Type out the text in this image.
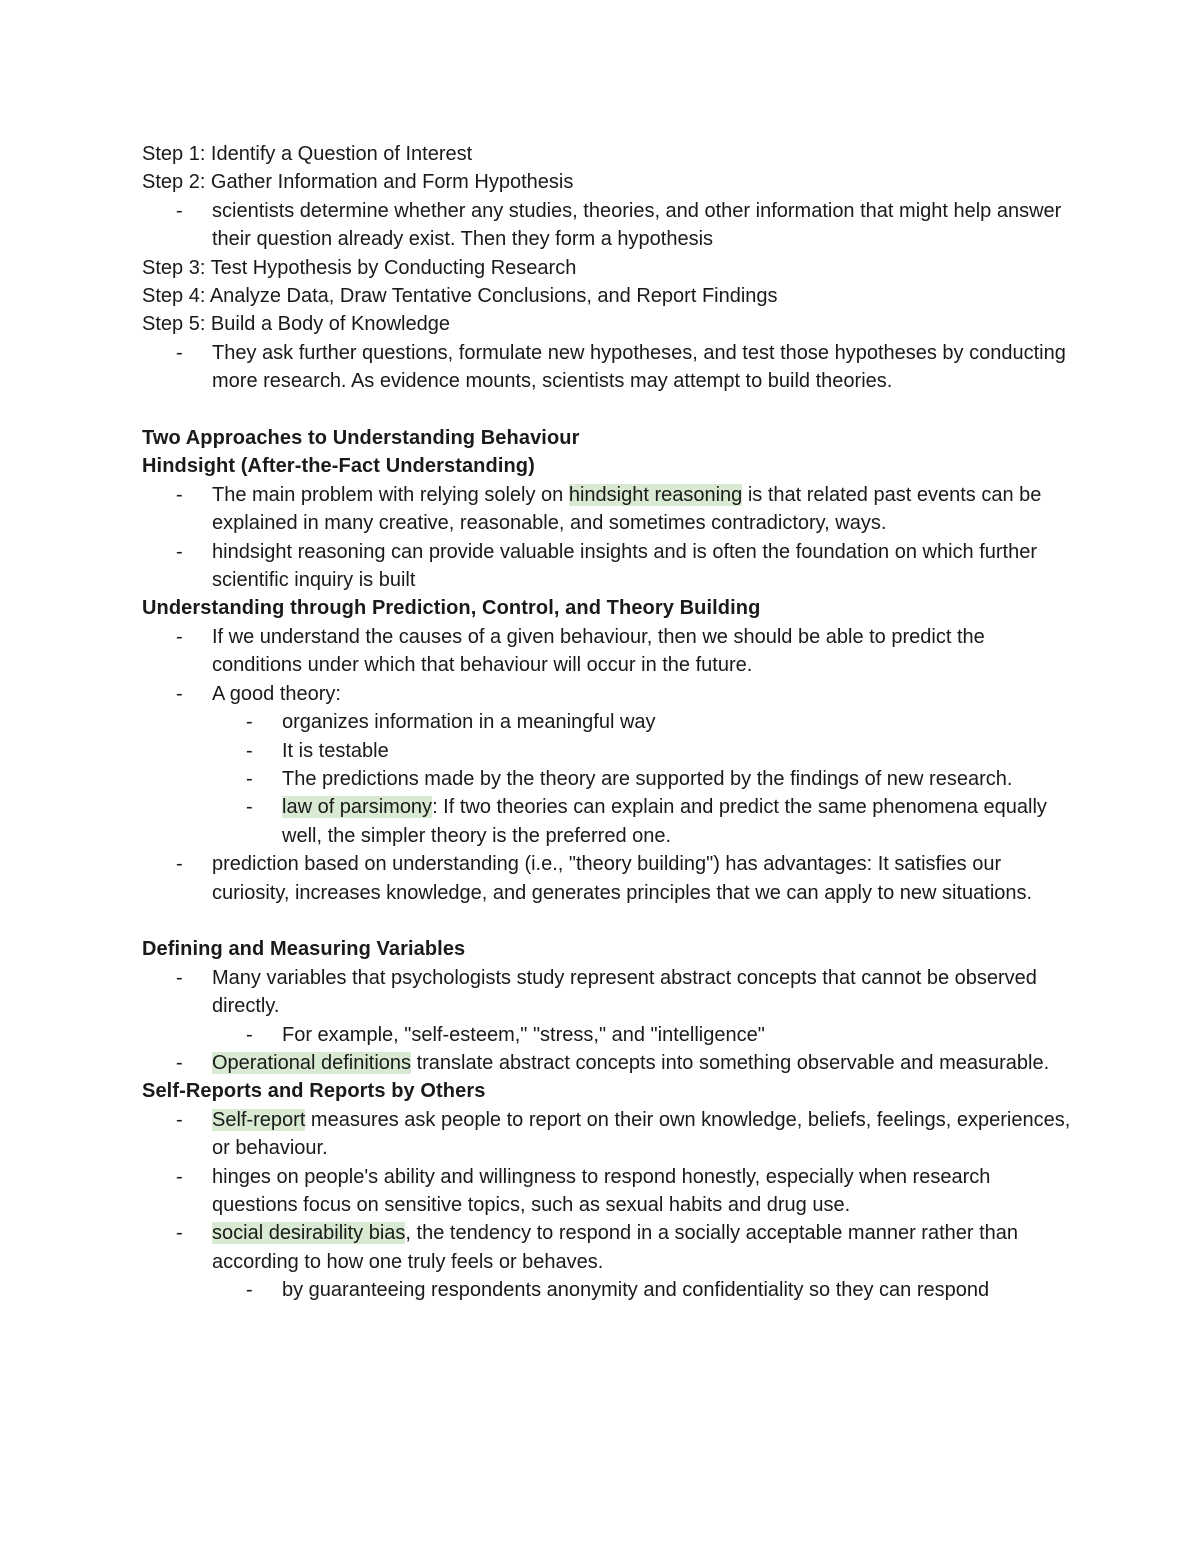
Step 1: Identify a Question of Interest

Step 2: Gather Information and Form Hypothesis

-	scientists determine whether any studies, theories, and other information that might help answer their question already exist. Then they form a hypothesis

Step 3: Test Hypothesis by Conducting Research

Step 4: Analyze Data, Draw Tentative Conclusions, and Report Findings

Step 5: Build a Body of Knowledge

-	They ask further questions, formulate new hypotheses, and test those hypotheses by conducting more research. As evidence mounts, scientists may attempt to build theories.

Two Approaches to Understanding Behaviour

Hindsight (After-the-Fact Understanding)

-	The main problem with relying solely on hindsight reasoning is that related past events can be explained in many creative, reasonable, and sometimes contradictory, ways.
-	hindsight reasoning can provide valuable insights and is often the foundation on which further scientific inquiry is built

Understanding through Prediction, Control, and Theory Building

-	If we understand the causes of a given behaviour, then we should be able to predict the conditions under which that behaviour will occur in the future.
-	A good theory:
-	organizes information in a meaningful way
-	It is testable
-	The predictions made by the theory are supported by the findings of new research.
-	law of parsimony: If two theories can explain and predict the same phenomena equally well, the simpler theory is the preferred one.
-	prediction based on understanding (i.e., "theory building") has advantages: It satisfies our curiosity, increases knowledge, and generates principles that we can apply to new situations.

Defining and Measuring Variables

-	Many variables that psychologists study represent abstract concepts that cannot be observed directly.
-	For example, "self-esteem," "stress," and "intelligence"
-	Operational definitions translate abstract concepts into something observable and measurable.

Self-Reports and Reports by Others

-	Self-report measures ask people to report on their own knowledge, beliefs, feelings, experiences, or behaviour.
-	hinges on people's ability and willingness to respond honestly, especially when research questions focus on sensitive topics, such as sexual habits and drug use.
-	social desirability bias, the tendency to respond in a socially acceptable manner rather than according to how one truly feels or behaves.
-	by guaranteeing respondents anonymity and confidentiality so they can respond
